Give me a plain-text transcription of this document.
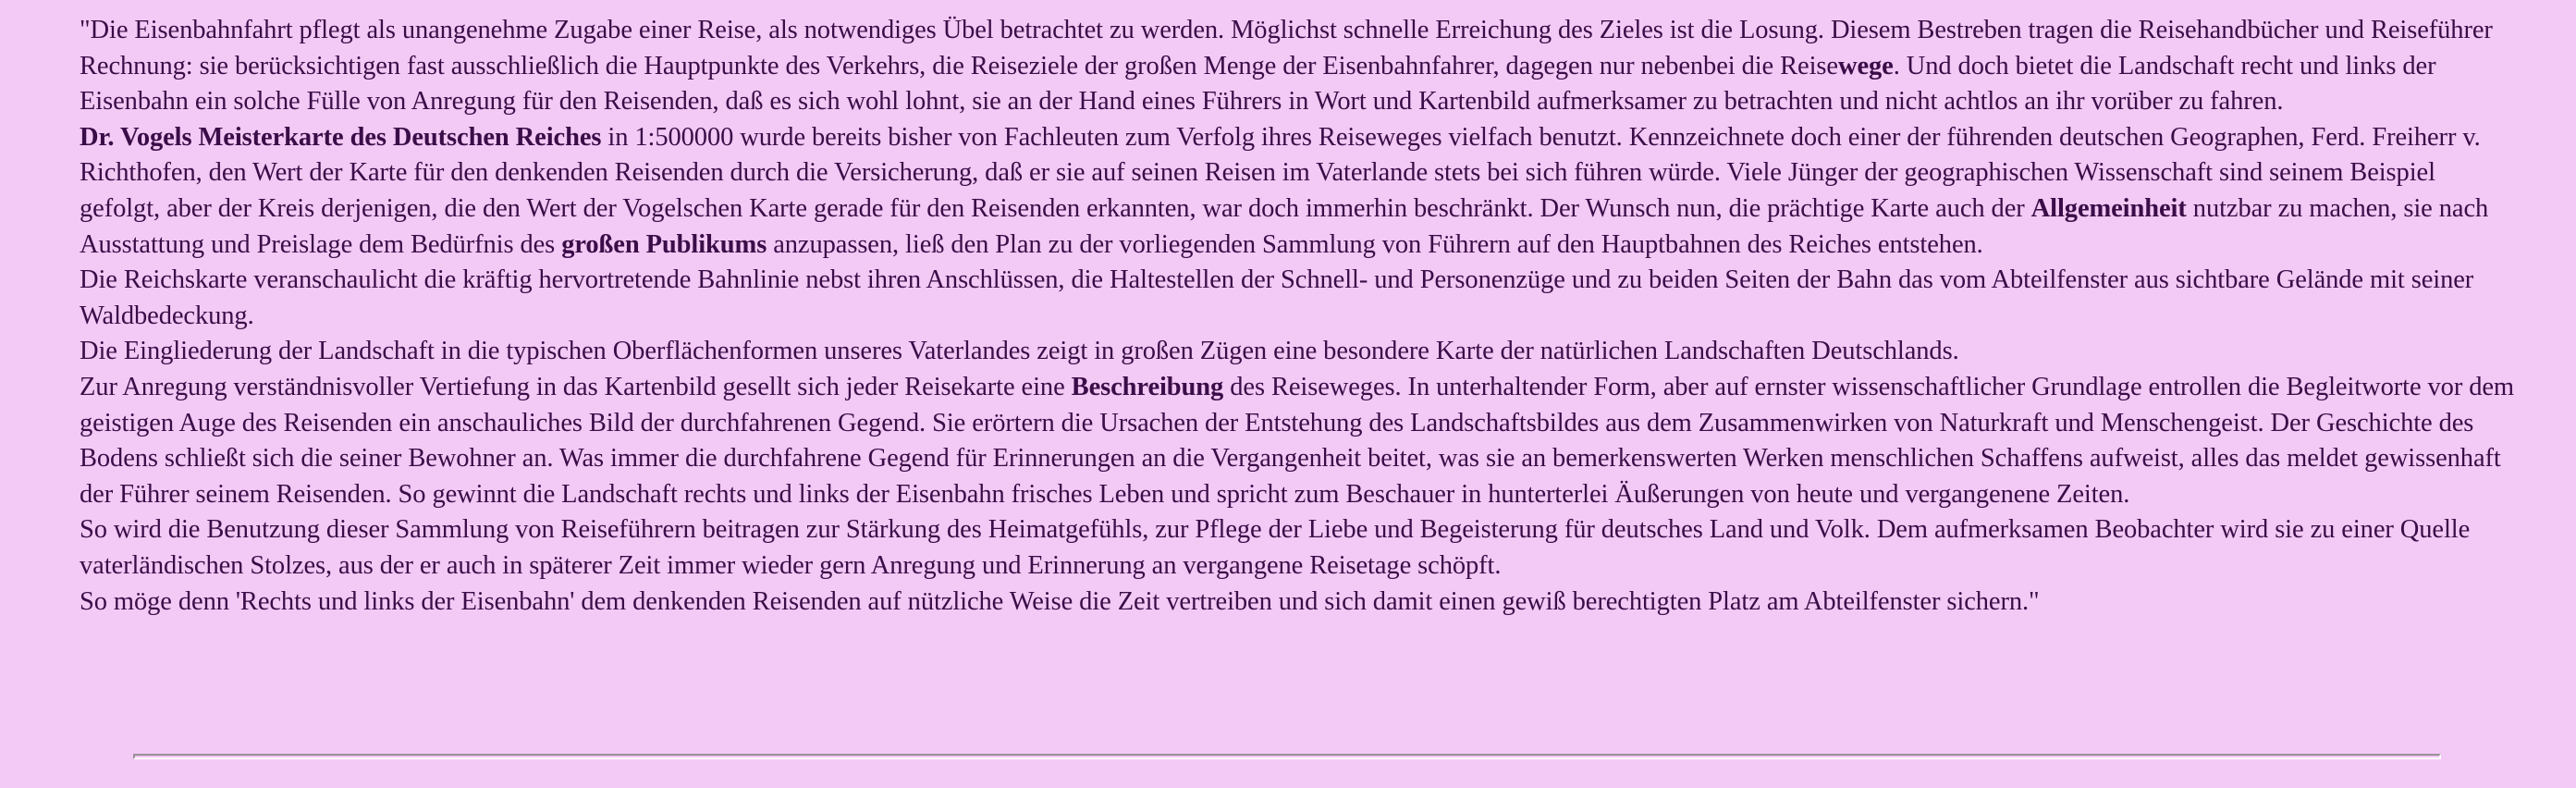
"Die Eisenbahnfahrt pflegt als unangenehme Zugabe einer Reise, als notwendiges Übel betrachtet zu werden. Möglichst schnelle Erreichung des Zieles ist die Losung. Diesem Bestreben tragen die Reisehandbücher und Reiseführer Rechnung: sie berücksichtigen fast ausschließlich die Hauptpunkte des Verkehrs, die Reiseziele der großen Menge der Eisenbahnfahrer, dagegen nur nebenbei die Reisewege. Und doch bietet die Landschaft recht und links der Eisenbahn ein solche Fülle von Anregung für den Reisenden, daß es sich wohl lohnt, sie an der Hand eines Führers in Wort und Kartenbild aufmerksamer zu betrachten und nicht achtlos an ihr vorüber zu fahren.

Dr. Vogels Meisterkarte des Deutschen Reiches in 1:500000 wurde bereits bisher von Fachleuten zum Verfolg ihres Reiseweges vielfach benutzt. Kennzeichnete doch einer der führenden deutschen Geographen, Ferd. Freiherr v. Richthofen, den Wert der Karte für den denkenden Reisenden durch die Versicherung, daß er sie auf seinen Reisen im Vaterlande stets bei sich führen würde. Viele Jünger der geographischen Wissenschaft sind seinem Beispiel gefolgt, aber der Kreis derjenigen, die den Wert der Vogelschen Karte gerade für den Reisenden erkannten, war doch immerhin beschränkt. Der Wunsch nun, die prächtige Karte auch der Allgemeinheit nutzbar zu machen, sie nach Ausstattung und Preislage dem Bedürfnis des großen Publikums anzupassen, ließ den Plan zu der vorliegenden Sammlung von Führern auf den Hauptbahnen des Reiches entstehen.

Die Reichskarte veranschaulicht die kräftig hervortretende Bahnlinie nebst ihren Anschlüssen, die Haltestellen der Schnell- und Personenzüge und zu beiden Seiten der Bahn das vom Abteilfenster aus sichtbare Gelände mit seiner Waldbedeckung.

Die Eingliederung der Landschaft in die typischen Oberflächenformen unseres Vaterlandes zeigt in großen Zügen eine besondere Karte der natürlichen Landschaften Deutschlands.

Zur Anregung verständnisvoller Vertiefung in das Kartenbild gesellt sich jeder Reisekarte eine Beschreibung des Reiseweges. In unterhaltender Form, aber auf ernster wissenschaftlicher Grundlage entrollen die Begleitworte vor dem geistigen Auge des Reisenden ein anschauliches Bild der durchfahrenen Gegend. Sie erörtern die Ursachen der Entstehung des Landschaftsbildes aus dem Zusammenwirken von Naturkraft und Menschengeist. Der Geschichte des Bodens schließt sich die seiner Bewohner an. Was immer die durchfahrene Gegend für Erinnerungen an die Vergangenheit beitet, was sie an bemerkenswerten Werken menschlichen Schaffens aufweist, alles das meldet gewissenhaft der Führer seinem Reisenden. So gewinnt die Landschaft rechts und links der Eisenbahn frisches Leben und spricht zum Beschauer in hunterterlei Äußerungen von heute und vergangenene Zeiten.

So wird die Benutzung dieser Sammlung von Reiseführern beitragen zur Stärkung des Heimatgefühls, zur Pflege der Liebe und Begeisterung für deutsches Land und Volk. Dem aufmerksamen Beobachter wird sie zu einer Quelle vaterländischen Stolzes, aus der er auch in späterer Zeit immer wieder gern Anregung und Erinnerung an vergangene Reisetage schöpft.

So möge denn 'Rechts und links der Eisenbahn' dem denkenden Reisenden auf nützliche Weise die Zeit vertreiben und sich damit einen gewiß berechtigten Platz am Abteilfenster sichern."
